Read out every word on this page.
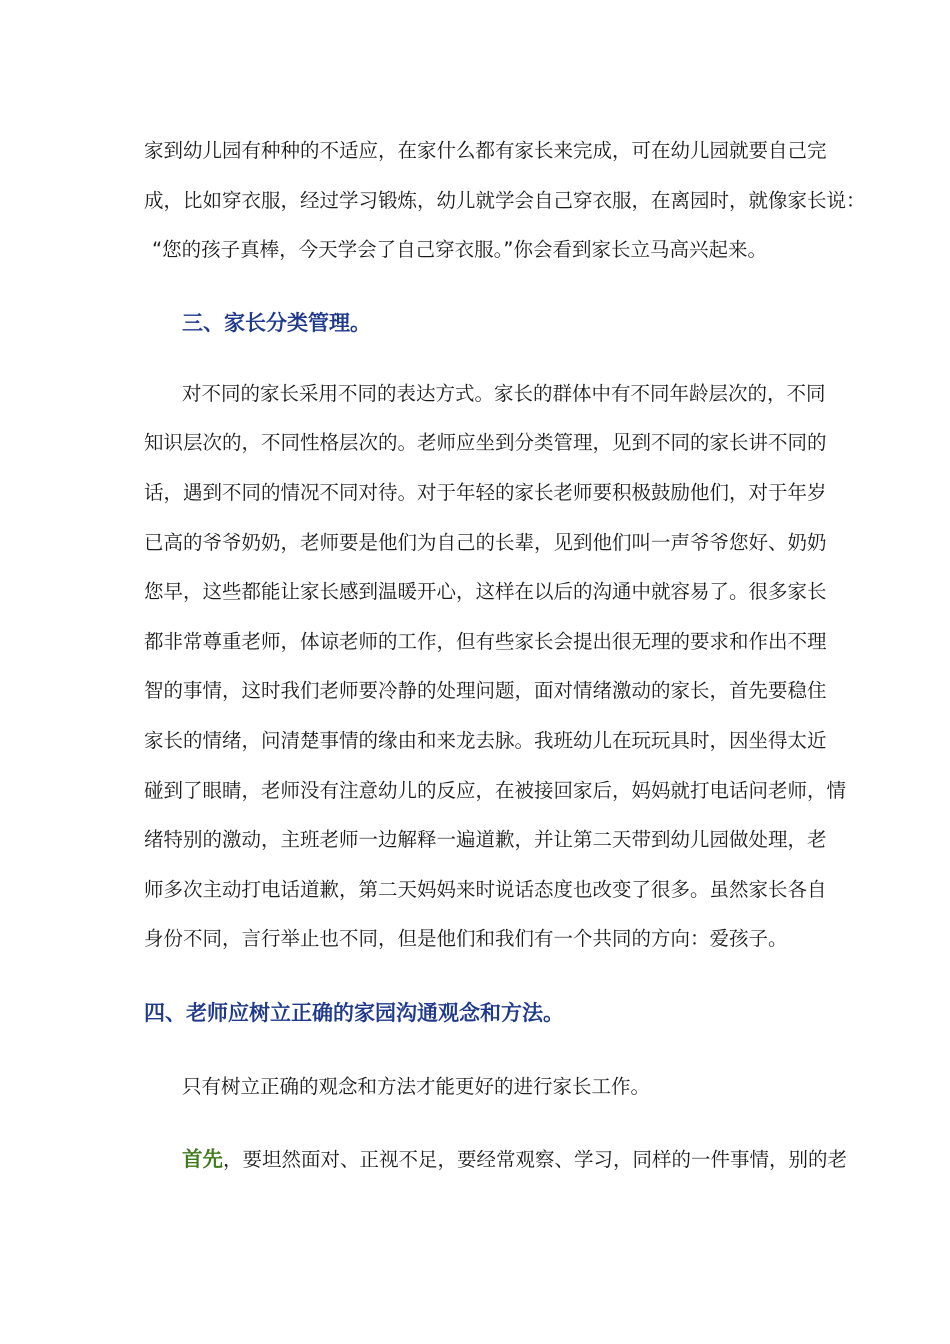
家到幼儿园有种种的不适应，在家什么都有家长来完成，可在幼儿园就要自己完
成，比如穿衣服，经过学习锻炼，幼儿就学会自己穿衣服，在离园时，就像家长说：
“您的孩子真棒，今天学会了自己穿衣服。”你会看到家长立马高兴起来。
三、家长分类管理。
对不同的家长采用不同的表达方式。家长的群体中有不同年龄层次的，不同
知识层次的，不同性格层次的。老师应坐到分类管理，见到不同的家长讲不同的
话，遇到不同的情况不同对待。对于年轻的家长老师要积极鼓励他们，对于年岁
已高的爷爷奶奶，老师要是他们为自己的长辈，见到他们叫一声爷爷您好、奶奶
您早，这些都能让家长感到温暖开心，这样在以后的沟通中就容易了。很多家长
都非常尊重老师，体谅老师的工作，但有些家长会提出很无理的要求和作出不理
智的事情，这时我们老师要冷静的处理问题，面对情绪激动的家长，首先要稳住
家长的情绪，问清楚事情的缘由和来龙去脉。我班幼儿在玩玩具时，因坐得太近
碰到了眼睛，老师没有注意幼儿的反应，在被接回家后，妈妈就打电话问老师，情
绪特别的激动，主班老师一边解释一遍道歉，并让第二天带到幼儿园做处理，老
师多次主动打电话道歉，第二天妈妈来时说话态度也改变了很多。虽然家长各自
身份不同，言行举止也不同，但是他们和我们有一个共同的方向：爱孩子。
四、老师应树立正确的家园沟通观念和方法。
只有树立正确的观念和方法才能更好的进行家长工作。
首先，要坦然面对、正视不足，要经常观察、学习，同样的一件事情，别的老
